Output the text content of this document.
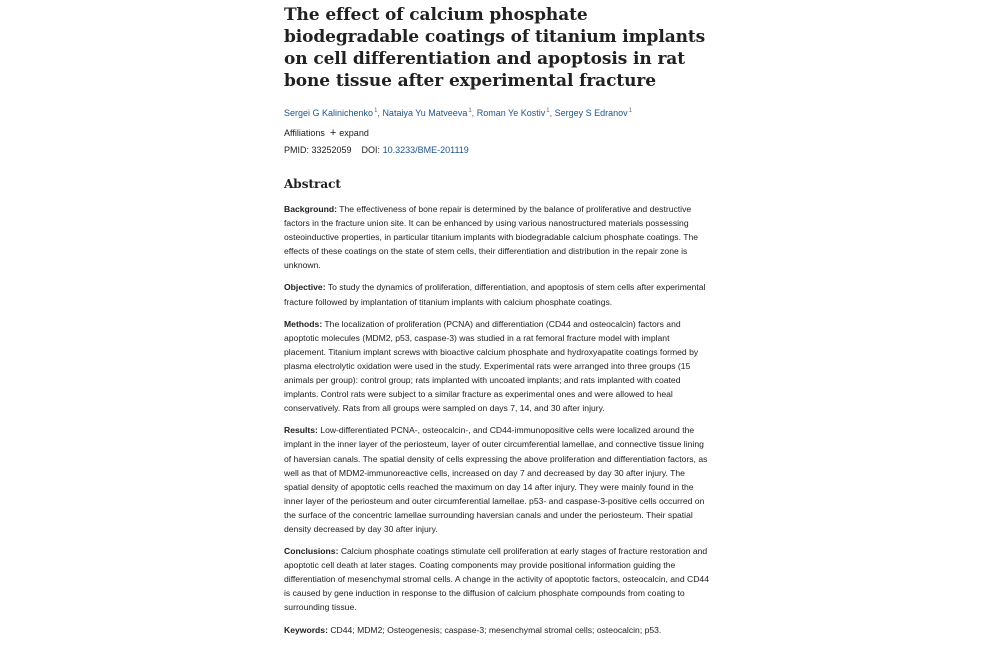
The effect of calcium phosphate biodegradable coatings of titanium implants on cell differentiation and apoptosis in rat bone tissue after experimental fracture
Sergei G Kalinichenko$^1$, Nataiya Yu Matveeva$^1$, Roman Ye Kostiv$^1$, Sergey S Edranov$^1$
Affiliations + expand
PMID: 33252059 DOI: 10.3233/BME-201119
Abstract

Background: The effectiveness of bone repair is determined by the balance of proliferative and destructive factors in the fracture union site. It can be enhanced by using various nanostructured materials possessing osteoinductive properties, in particular titanium implants with biodegradable calcium phosphate coatings. The effects of these coatings on the state of stem cells, their differentiation and distribution in the repair zone is unknown.

Objective: To study the dynamics of proliferation, differentiation, and apoptosis of stem cells after experimental fracture followed by implantation of titanium implants with calcium phosphate coatings.

Methods: The localization of proliferation (PCNA) and differentiation (CD44 and osteocalcin) factors and apoptotic molecules (MDM2, p53, caspase-3) was studied in a rat femoral fracture model with implant placement. Titanium implant screws with bioactive calcium phosphate and hydroxyapatite coatings formed by plasma electrolytic oxidation were used in the study. Experimental rats were arranged into three groups (15 animals per group): control group; rats implanted with uncoated implants; and rats implanted with coated implants. Control rats were subject to a similar fracture as experimental ones and were allowed to heal conservatively. Rats from all groups were sampled on days 7, 14, and 30 after injury.

Results: Low-differentiated PCNA-, osteocalcin-, and CD44-immunopositive cells were localized around the implant in the inner layer of the periosteum, layer of outer circumferential lamellae, and connective tissue lining of haversian canals. The spatial density of cells expressing the above proliferation and differentiation factors, as well as that of MDM2-immunoreactive cells, increased on day 7 and decreased by day 30 after injury. The spatial density of apoptotic cells reached the maximum on day 14 after injury. They were mainly found in the inner layer of the periosteum and outer circumferential lamellae. p53- and caspase-3-positive cells occurred on the surface of the concentric lamellae surrounding haversian canals and under the periosteum. Their spatial density decreased by day 30 after injury.

Conclusions: Calcium phosphate coatings stimulate cell proliferation at early stages of fracture restoration and apoptotic cell death at later stages. Coating components may provide positional information guiding the differentiation of mesenchymal stromal cells. A change in the activity of apoptotic factors, osteocalcin, and CD44 is caused by gene induction in response to the diffusion of calcium phosphate compounds from coating to surrounding tissue.

Keywords: CD44; MDM2; Osteogenesis; caspase-3; mesenchymal stromal cells; osteocalcin; p53.
